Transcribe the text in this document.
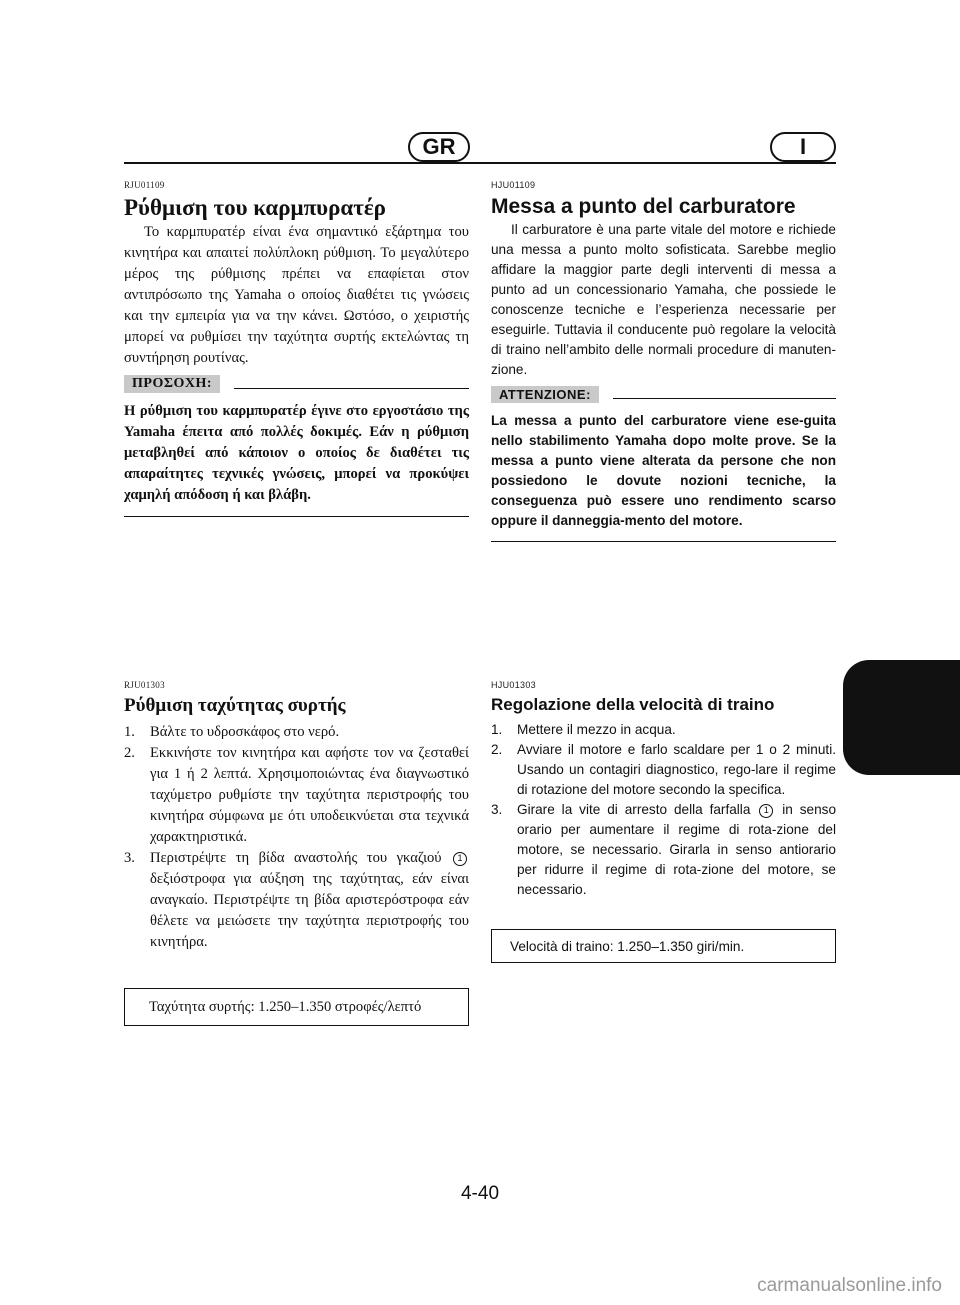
GR	I
RJU01109
Ρύθμιση του καρμπυρατέρ

Το καρμπυρατέρ είναι ένα σημαντικό εξάρτημα του κινητήρα και απαιτεί πολύπλοκη ρύθμιση. Το μεγαλύτερο μέρος της ρύθμισης πρέπει να επαφίεται στον αντιπρόσωπο της Yamaha ο οποίος διαθέτει τις γνώσεις και την εμπειρία για να την κάνει. Ωστόσο, ο χειριστής μπορεί να ρυθμίσει την ταχύτητα συρτής εκτελώντας τη συντήρηση ρουτίνας.

ΠΡΟΣΟΧΗ:

Η ρύθμιση του καρμπυρατέρ έγινε στο εργοστάσιο της Yamaha έπειτα από πολλές δοκιμές. Εάν η ρύθμιση μεταβληθεί από κάποιον ο οποίος δε διαθέτει τις απαραίτητες τεχνικές γνώσεις, μπορεί να προκύψει χαμηλή απόδοση ή και βλάβη.

RJU01303
Ρύθμιση ταχύτητας συρτής
1. Βάλτε το υδροσκάφος στο νερό.
2. Εκκινήστε τον κινητήρα και αφήστε τον να ζεσταθεί για 1 ή 2 λεπτά. Χρησιμοποιώντας ένα διαγνωστικό ταχύμετρο ρυθμίστε την ταχύτητα περιστροφής του κινητήρα σύμφωνα με ότι υποδεικνύεται στα τεχνικά χαρακτηριστικά.
3. Περιστρέψτε τη βίδα αναστολής του γκαζιού 1 δεξιόστροφα για αύξηση της ταχύτητας, εάν είναι αναγκαίο. Περιστρέψτε τη βίδα αριστερόστροφα εάν θέλετε να μειώσετε την ταχύτητα περιστροφής του κινητήρα.
Ταχύτητα συρτής: 1.250–1.350 στροφές/λεπτό
HJU01109
Messa a punto del carburatore

Il carburatore è una parte vitale del motore e richiede una messa a punto molto sofisticata. Sarebbe meglio affidare la maggior parte degli interventi di messa a punto ad un concessionario Yamaha, che possiede le conoscenze tecniche e l’esperienza necessarie per eseguirle. Tuttavia il conducente può regolare la velocità di traino nell’ambito delle normali procedure di manuten-zione.

ATTENZIONE:

La messa a punto del carburatore viene ese-guita nello stabilimento Yamaha dopo molte prove. Se la messa a punto viene alterata da persone che non possiedono le dovute nozioni tecniche, la conseguenza può essere uno rendimento scarso oppure il danneggia-mento del motore.

HJU01303
Regolazione della velocità di traino
1. Mettere il mezzo in acqua.
2. Avviare il motore e farlo scaldare per 1 o 2 minuti. Usando un contagiri diagnostico, rego-lare il regime di rotazione del motore secondo la specifica.
3. Girare la vite di arresto della farfalla 1 in senso orario per aumentare il regime di rota-zione del motore, se necessario. Girarla in senso antiorario per ridurre il regime di rota-zione del motore, se necessario.
Velocità di traino: 1.250–1.350 giri/min.
4-40
carmanualsonline.info
